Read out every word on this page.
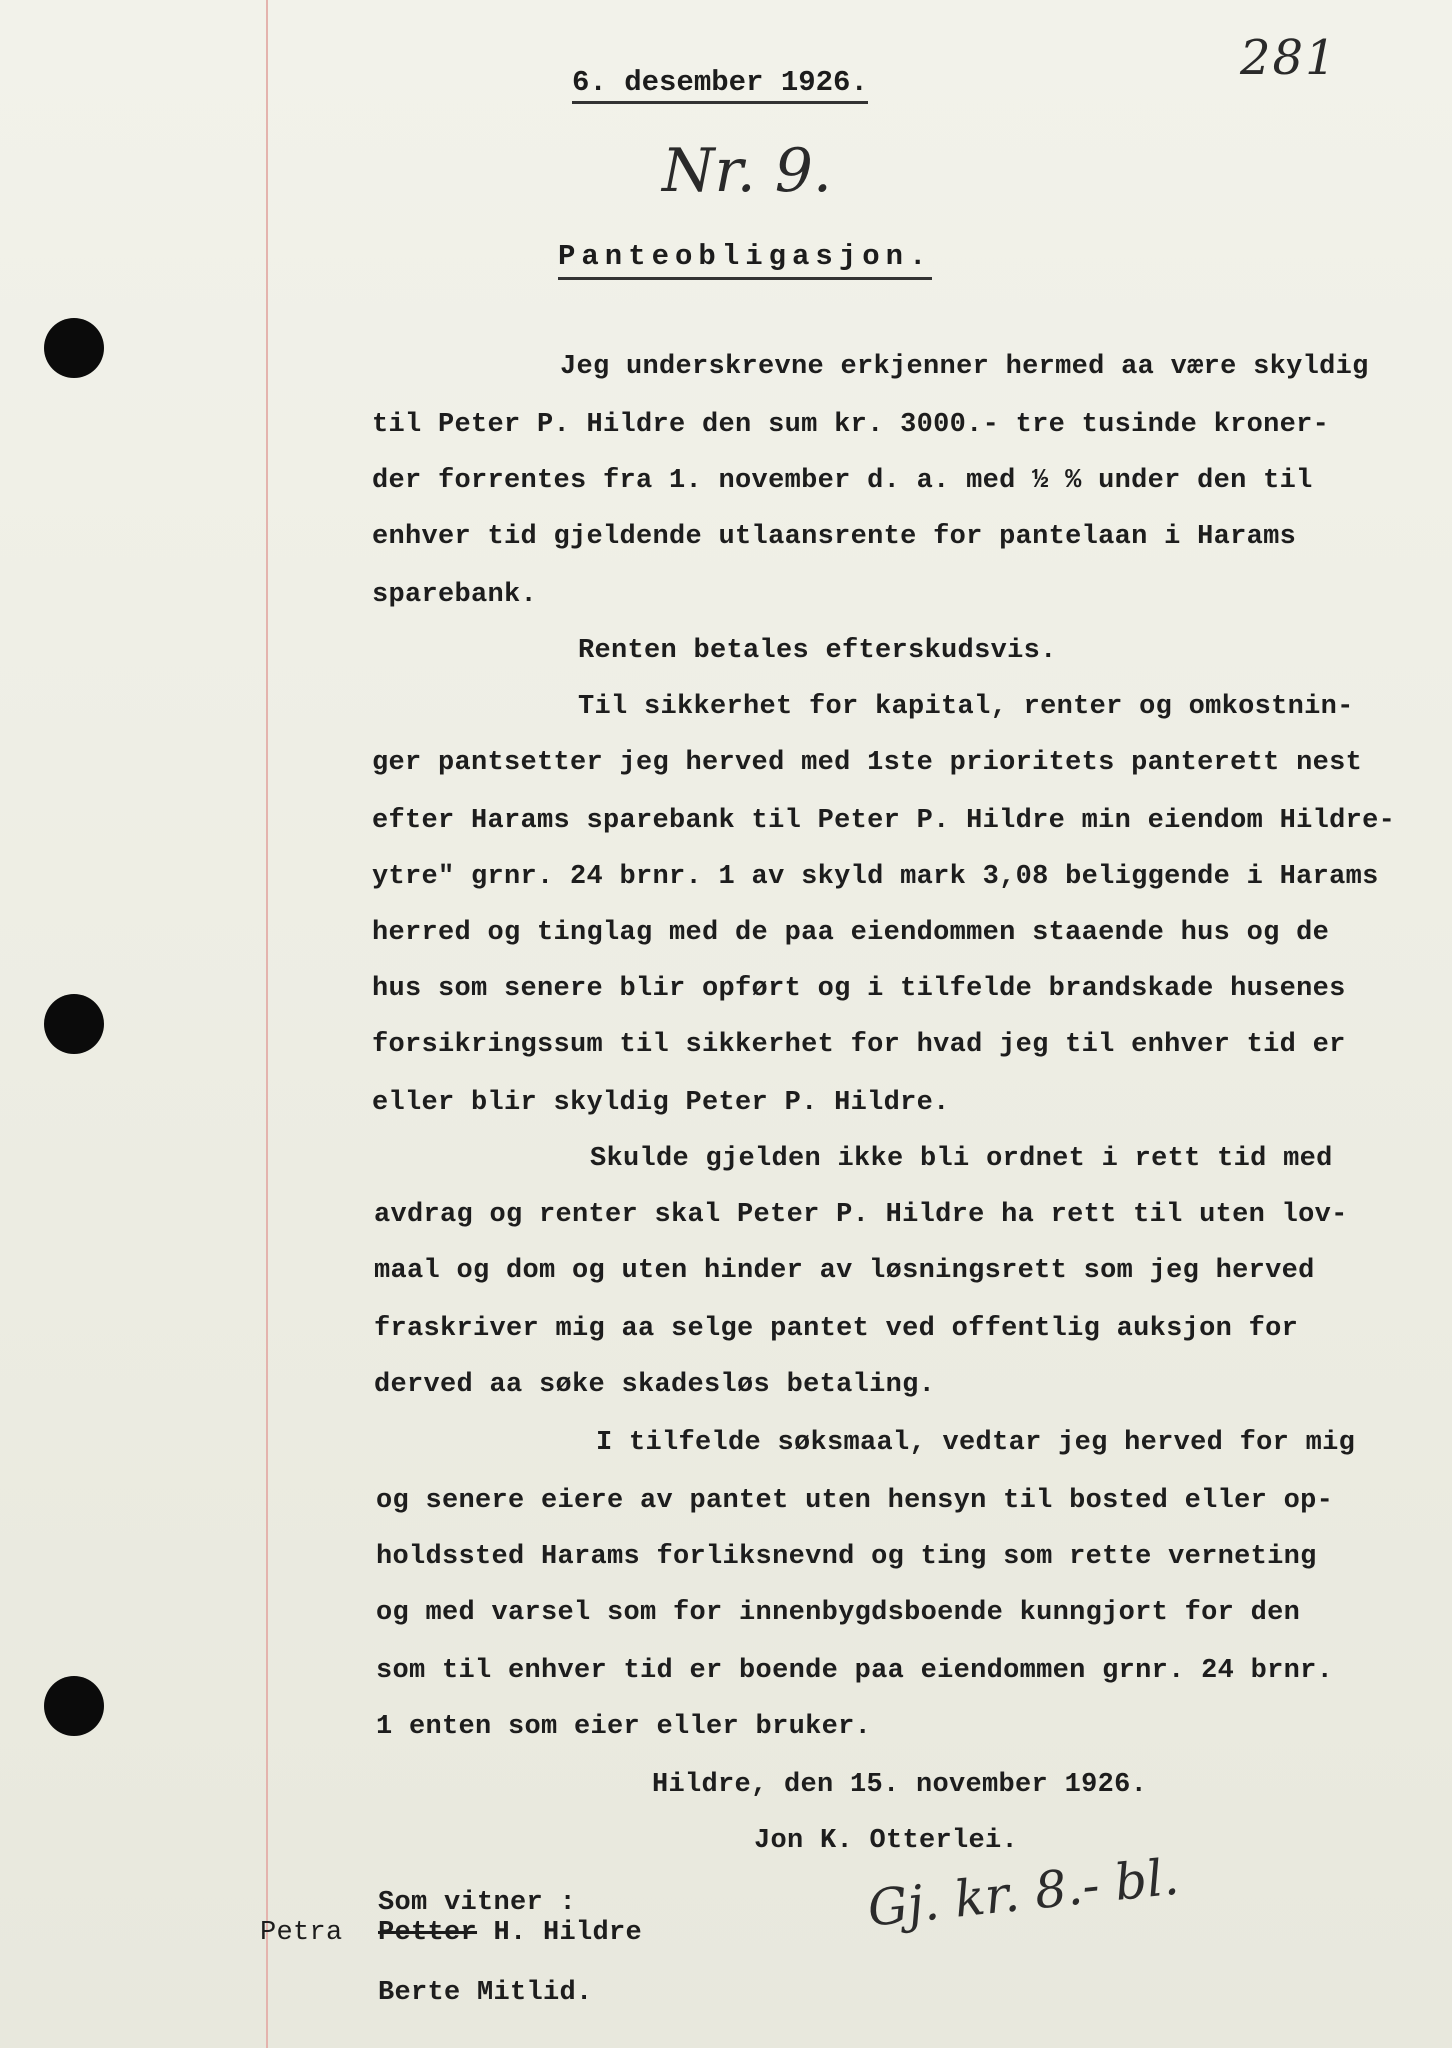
281
6. desember 1926.
Nr. 9.
Panteobligasjon.
Jeg underskrevne erkjenner hermed aa være skyldig
til Peter P. Hildre den sum kr. 3000.- tre tusinde kroner-
der forrentes fra 1. november d. a. med ½ % under den til
enhver tid gjeldende utlaansrente for pantelaan i Harams
sparebank.
Renten betales efterskudsvis.
Til sikkerhet for kapital, renter og omkostnin-
ger pantsetter jeg herved med 1ste prioritets panterett nest
efter Harams sparebank til Peter P. Hildre min eiendom Hildre-
ytre" grnr. 24 brnr. 1 av skyld mark 3,08 beliggende i Harams
herred og tinglag med de paa eiendommen staaende hus og de
hus som senere blir opført og i tilfelde brandskade husenes
forsikringssum til sikkerhet for hvad jeg til enhver tid er
eller blir skyldig Peter P. Hildre.
Skulde gjelden ikke bli ordnet i rett tid med
avdrag og renter skal Peter P. Hildre ha rett til uten lov-
maal og dom og uten hinder av løsningsrett som jeg herved
fraskriver mig aa selge pantet ved offentlig auksjon for
derved aa søke skadesløs betaling.
I tilfelde søksmaal, vedtar jeg herved for mig
og senere eiere av pantet uten hensyn til bosted eller op-
holdssted Harams forliksnevnd og ting som rette verneting
og med varsel som for innenbygdsboende kunngjort for den
som til enhver tid er boende paa eiendommen grnr. 24 brnr.
1 enten som eier eller bruker.
Hildre, den 15. november 1926.
Jon K. Otterlei.
Som vitner :
Petra Petter H. Hildre
Berte Mitlid.
Gj. kr. 8.- bl.
